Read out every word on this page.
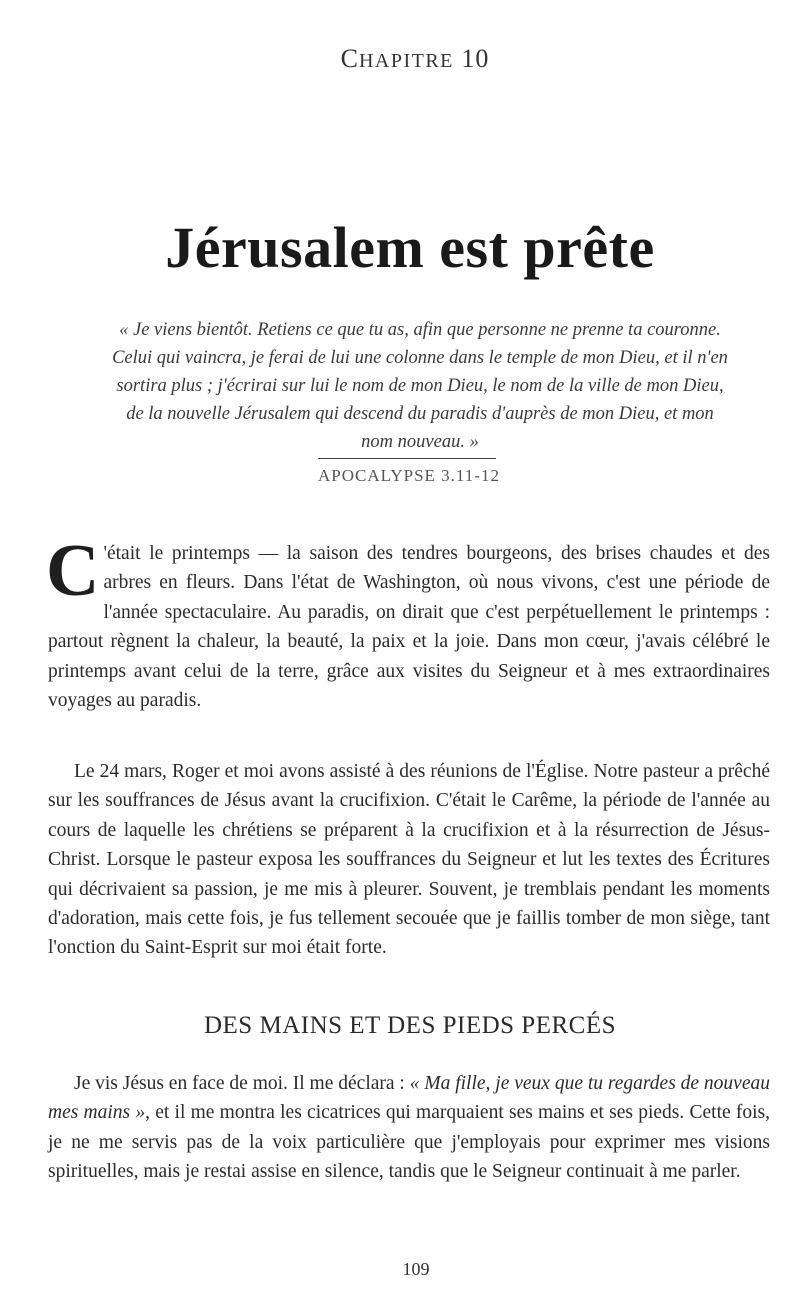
CHAPITRE 10
Jérusalem est prête
« Je viens bientôt. Retiens ce que tu as, afin que personne ne prenne ta couronne. Celui qui vaincra, je ferai de lui une colonne dans le temple de mon Dieu, et il n'en sortira plus ; j'écrirai sur lui le nom de mon Dieu, le nom de la ville de mon Dieu, de la nouvelle Jérusalem qui descend du paradis d'auprès de mon Dieu, et mon nom nouveau. »
APOCALYPSE 3.11-12
C 'était le printemps — la saison des tendres bourgeons, des brises chaudes et des arbres en fleurs. Dans l'état de Washington, où nous vivons, c'est une période de l'année spectaculaire. Au paradis, on dirait que c'est perpétuellement le printemps : partout règnent la chaleur, la beauté, la paix et la joie. Dans mon cœur, j'avais célébré le printemps avant celui de la terre, grâce aux visites du Seigneur et à mes extraordinaires voyages au paradis.
Le 24 mars, Roger et moi avons assisté à des réunions de l'Église. Notre pasteur a prêché sur les souffrances de Jésus avant la crucifixion. C'était le Carême, la période de l'année au cours de laquelle les chrétiens se préparent à la crucifixion et à la résurrection de Jésus-Christ. Lorsque le pasteur exposa les souffrances du Seigneur et lut les textes des Écritures qui décrivaient sa passion, je me mis à pleurer. Souvent, je tremblais pendant les moments d'adoration, mais cette fois, je fus tellement secouée que je faillis tomber de mon siège, tant l'onction du Saint-Esprit sur moi était forte.
DES MAINS ET DES PIEDS PERCÉS
Je vis Jésus en face de moi. Il me déclara : « Ma fille, je veux que tu regardes de nouveau mes mains », et il me montra les cicatrices qui marquaient ses mains et ses pieds. Cette fois, je ne me servis pas de la voix particulière que j'employais pour exprimer mes visions spirituelles, mais je restai assise en silence, tandis que le Seigneur continuait à me parler.
109
